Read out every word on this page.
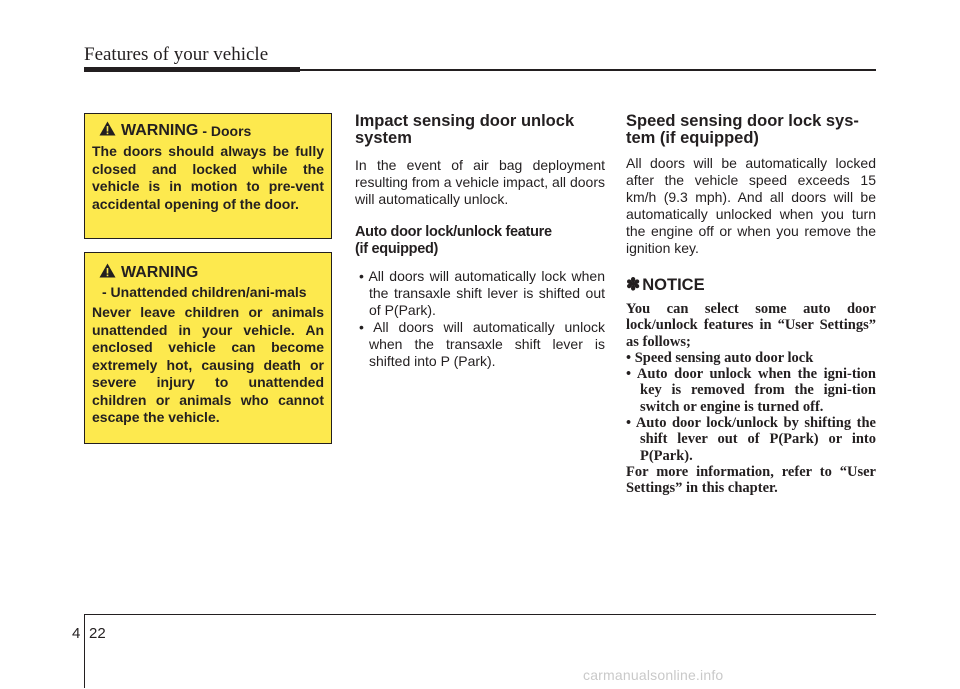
Features of your vehicle
WARNING - Doors

The doors should always be fully closed and locked while the vehicle is in motion to pre-vent accidental opening of the door.

WARNING
- Unattended children/ani-mals

Never leave children or animals unattended in your vehicle. An enclosed vehicle can become extremely hot, causing death or severe injury to unattended children or animals who cannot escape the vehicle.

Impact sensing door unlock system

In the event of air bag deployment resulting from a vehicle impact, all doors will automatically unlock.

Auto door lock/unlock feature
(if equipped)
• All doors will automatically lock when the transaxle shift lever is shifted out of P(Park).
• All doors will automatically unlock when the transaxle shift lever is shifted into P (Park).
Speed sensing door lock sys-tem (if equipped)

All doors will be automatically locked after the vehicle speed exceeds 15 km/h (9.3 mph). And all doors will be automatically unlocked when you turn the engine off or when you remove the ignition key.

✽ NOTICE

You can select some auto door lock/unlock features in “User Settings” as follows;

• Speed sensing auto door lock
• Auto door unlock when the igni-tion key is removed from the igni-tion switch or engine is turned off.
• Auto door lock/unlock by shifting the shift lever out of P(Park) or into P(Park).

For more information, refer to “User Settings” in this chapter.

4 22
carmanualsonline.info
